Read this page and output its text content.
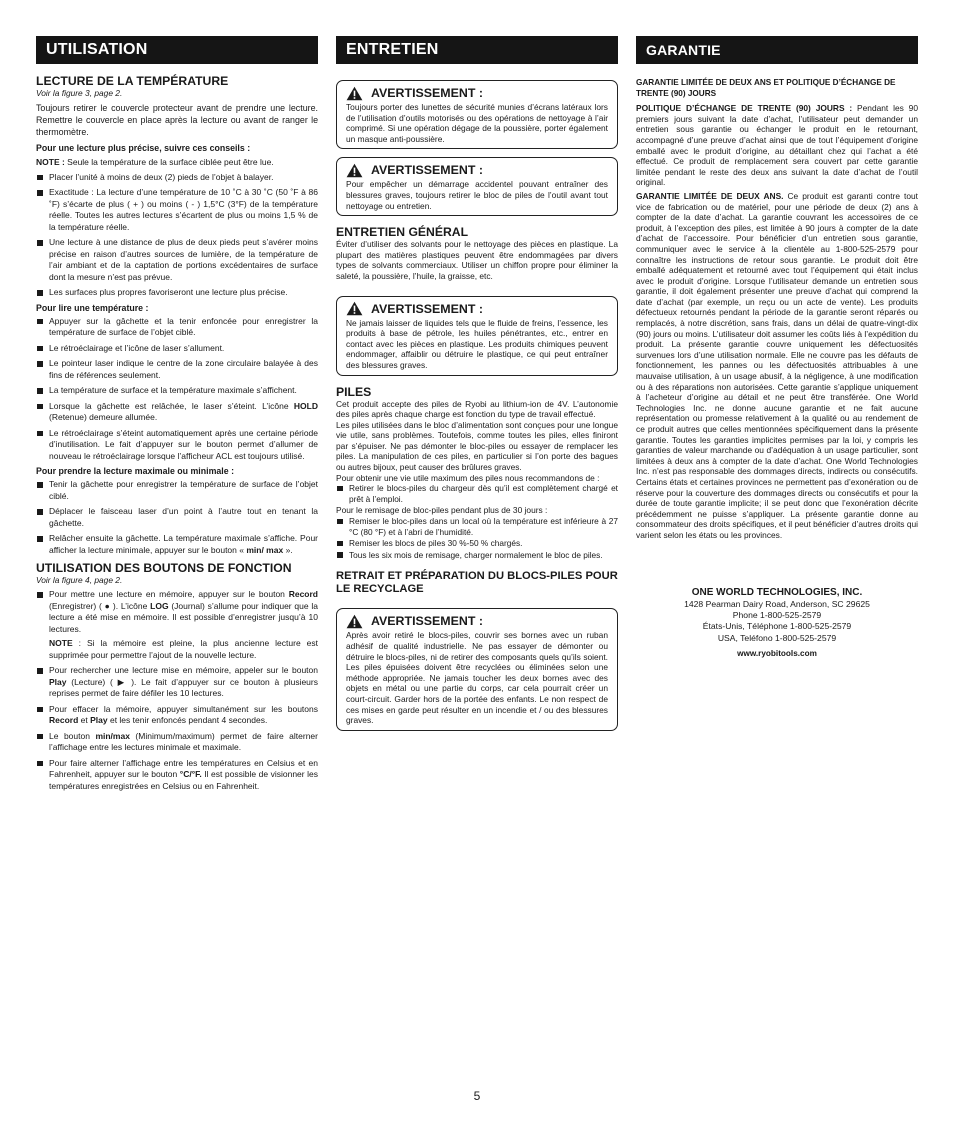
UTILISATION
LECTURE DE LA TEMPÉRATURE
Voir la figure 3, page 2.

Toujours retirer le couvercle protecteur avant de prendre une lecture. Remettre le couvercle en place après la lecture ou avant de ranger le thermomètre.

Pour une lecture plus précise, suivre ces conseils :

NOTE : Seule la température de la surface ciblée peut être lue.

Placer l’unité à moins de deux (2) pieds de l’objet à balayer.
Exactitude : La lecture d’une température de 10 ˚C à 30 ˚C (50 ˚F à 86 ˚F) s’écarte de plus ( + ) ou moins ( - ) 1,5°C (3°F) de la température réelle. Toutes les autres lectures s’écartent de plus ou moins 1,5 % de la température réelle.
Une lecture à une distance de plus de deux pieds peut s’avérer moins précise en raison d’autres sources de lumière, de la température de l’air ambiant et de la captation de portions excédentaires de surface dont la mesure n’est pas prévue.
Les surfaces plus propres favoriseront une lecture plus précise.
Pour lire une température :
Appuyer sur la gâchette et la tenir enfoncée pour enregistrer la température de surface de l’objet ciblé.
Le rétroéclairage et l’icône de laser s’allument.
Le pointeur laser indique le centre de la zone circulaire balayée à des fins de références seulement.
La température de surface et la température maximale s’affichent.
Lorsque la gâchette est relâchée, le laser s’éteint. L’icône HOLD (Retenue) demeure allumée.
Le rétroéclairage s’éteint automatiquement après une certaine période d’inutilisation. Le fait d’appuyer sur le bouton permet d’allumer de nouveau le rétroéclairage lorsque l’afficheur ACL est toujours utilisé.
Pour prendre la lecture maximale ou minimale :
Tenir la gâchette pour enregistrer la température de surface de l’objet ciblé.
Déplacer le faisceau laser d’un point à l’autre tout en tenant la gâchette.
Relâcher ensuite la gâchette. La température maximale s’affiche. Pour afficher la lecture minimale, appuyer sur le bouton « min/ max ».
UTILISATION DES BOUTONS DE FONCTION
Voir la figure 4, page 2.
Pour mettre une lecture en mémoire, appuyer sur le bouton Record (Enregistrer) ( ● ). L’icône LOG (Journal) s’allume pour indiquer que la lecture a été mise en mémoire. Il est possible d’enregistrer jusqu’à 10 lectures.
NOTE : Si la mémoire est pleine, la plus ancienne lecture est supprimée pour permettre l’ajout de la nouvelle lecture.
Pour rechercher une lecture mise en mémoire, appeler sur le bouton Play (Lecture) ( ▶ ). Le fait d’appuyer sur ce bouton à plusieurs reprises permet de faire défiler les 10 lectures.
Pour effacer la mémoire, appuyer simultanément sur les boutons Record et Play et les tenir enfoncés pendant 4 secondes.
Le bouton min/max (Minimum/maximum) permet de faire alterner l’affichage entre les lectures minimale et maximale.
Pour faire alterner l’affichage entre les températures en Celsius et en Fahrenheit, appuyer sur le bouton °C/°F. Il est possible de visionner les températures enregistrées en Celsius ou en Fahrenheit.
ENTRETIEN
AVERTISSEMENT :

Toujours porter des lunettes de sécurité munies d’écrans latéraux lors de l’utilisation d’outils motorisés ou des opérations de nettoyage à l’air comprimé. Si une opération dégage de la poussière, porter également un masque anti-poussière.

AVERTISSEMENT :

Pour empêcher un démarrage accidentel pouvant entraîner des blessures graves, toujours retirer le bloc de piles de l’outil avant tout nettoyage ou entretien.

ENTRETIEN GÉNÉRAL

Éviter d’utiliser des solvants pour le nettoyage des pièces en plastique. La plupart des matières plastiques peuvent être endommagées par divers types de solvants commerciaux. Utiliser un chiffon propre pour éliminer la saleté, la poussière, l’huile, la graisse, etc.

AVERTISSEMENT :

Ne jamais laisser de liquides tels que le fluide de freins, l’essence, les produits à base de pétrole, les huiles pénétrantes, etc., entrer en contact avec les pièces en plastique. Les produits chimiques peuvent endommager, affaiblir ou détruire le plastique, ce qui peut entraîner des blessures graves.

PILES

Cet produit accepte des piles de Ryobi au lithium-ion de 4V. L’autonomie des piles après chaque charge est fonction du type de travail effectué.

Les piles utilisées dans le bloc d’alimentation sont conçues pour une longue vie utile, sans problèmes. Toutefois, comme toutes les piles, elles finiront par s’épuiser. Ne pas démonter le bloc-piles ou essayer de remplacer les piles. La manipulation de ces piles, en particulier si l’on porte des bagues ou autres bijoux, peut causer des brûlures graves.

Pour obtenir une vie utile maximum des piles nous recommandons de :

Retirer le blocs-piles du chargeur dès qu’il est complètement chargé et prêt à l’emploi.

Pour le remisage de bloc-piles pendant plus de 30 jours :

Remiser le bloc-piles dans un local où la température est inférieure à 27 °C (80 °F) et à l’abri de l’humidité.
Remiser les blocs de piles 30 %-50 % chargés.
Tous les six mois de remisage, charger normalement le bloc de piles.
RETRAIT ET PRÉPARATION DU BLOCS-PILES POUR LE RECYCLAGE
AVERTISSEMENT :

Après avoir retiré le blocs-piles, couvrir ses bornes avec un ruban adhésif de qualité industrielle. Ne pas essayer de démonter ou détruire le blocs-piles, ni de retirer des composants quels qu’ils soient. Les piles épuisées doivent être recyclées ou éliminées selon une méthode appropriée. Ne jamais toucher les deux bornes avec des objets en métal ou une partie du corps, car cela pourrait créer un court-circuit. Garder hors de la portée des enfants. Le non respect de ces mises en garde peut résulter en un incendie et / ou des blessures graves.

GARANTIE

GARANTIE LIMITÉE DE DEUX ANS ET POLITIQUE D’ÉCHANGE DE TRENTE (90) JOURS

POLITIQUE D’ÉCHANGE DE TRENTE (90) JOURS : Pendant les 90 premiers jours suivant la date d’achat, l’utilisateur peut demander un entretien sous garantie ou échanger le produit en le retournant, accompagné d’une preuve d’achat ainsi que de tout l’équipement d’origine emballé avec le produit d’origine, au détaillant chez qui l’achat a été effectué. Ce produit de remplacement sera couvert par cette garantie limitée pendant le reste des deux ans suivant la date d’achat de l’outil original.

GARANTIE LIMITÉE DE DEUX ANS. Ce produit est garanti contre tout vice de fabrication ou de matériel, pour une période de deux (2) ans à compter de la date d’achat. La garantie couvrant les accessoires de ce produit, à l’exception des piles, est limitée à 90 jours à compter de la date d’achat de l’accessoire. Pour bénéficier d’un entretien sous garantie, communiquer avec le service à la clientèle au 1-800-525-2579 pour connaître les instructions de retour sous garantie. Le produit doit être emballé adéquatement et retourné avec tout l’équipement qui était inclus avec le produit d’origine. Lorsque l’utilisateur demande un entretien sous garantie, il doit également présenter une preuve d’achat qui comprend la date d’achat (par exemple, un reçu ou un acte de vente). Les produits défectueux retournés pendant la période de la garantie seront réparés ou remplacés, à notre discrétion, sans frais, dans un délai de quatre-vingt-dix (90) jours ou moins. L’utilisateur doit assumer les coûts liés à l’expédition du produit. La présente garantie couvre uniquement les défectuosités survenues lors d’une utilisation normale. Elle ne couvre pas les défauts de fonctionnement, les pannes ou les défectuosités attribuables à une mauvaise utilisation, à un usage abusif, à la négligence, à une modification ou à des réparations non autorisées. Cette garantie s’applique uniquement à l’acheteur d’origine au détail et ne peut être transférée. One World Technologies Inc. ne donne aucune garantie et ne fait aucune représentation ou promesse relativement à la qualité ou au rendement de ce produit autres que celles mentionnées spécifiquement dans la présente garantie. Toutes les garanties implicites permises par la loi, y compris les garanties de valeur marchande ou d’adéquation à un usage particulier, sont limitées à deux ans à compter de la date d’achat. One World Technologies Inc. n’est pas responsable des dommages directs, indirects ou consécutifs. Certains états et certaines provinces ne permettent pas d’exonération ou de réserve pour la couverture des dommages directs ou consécutifs et pour la durée de toute garantie implicite; il se peut donc que l’exonération décrite précédemment ne puisse s’appliquer. La présente garantie donne au consommateur des droits spécifiques, et il peut bénéficier d’autres droits qui varient selon les états ou les provinces.

ONE WORLD TECHNOLOGIES, INC.
1428 Pearman Dairy Road, Anderson, SC 29625
Phone 1-800-525-2579
États-Unis, Téléphone 1-800-525-2579
USA, Teléfono 1-800-525-2579
www.ryobitools.com
5
